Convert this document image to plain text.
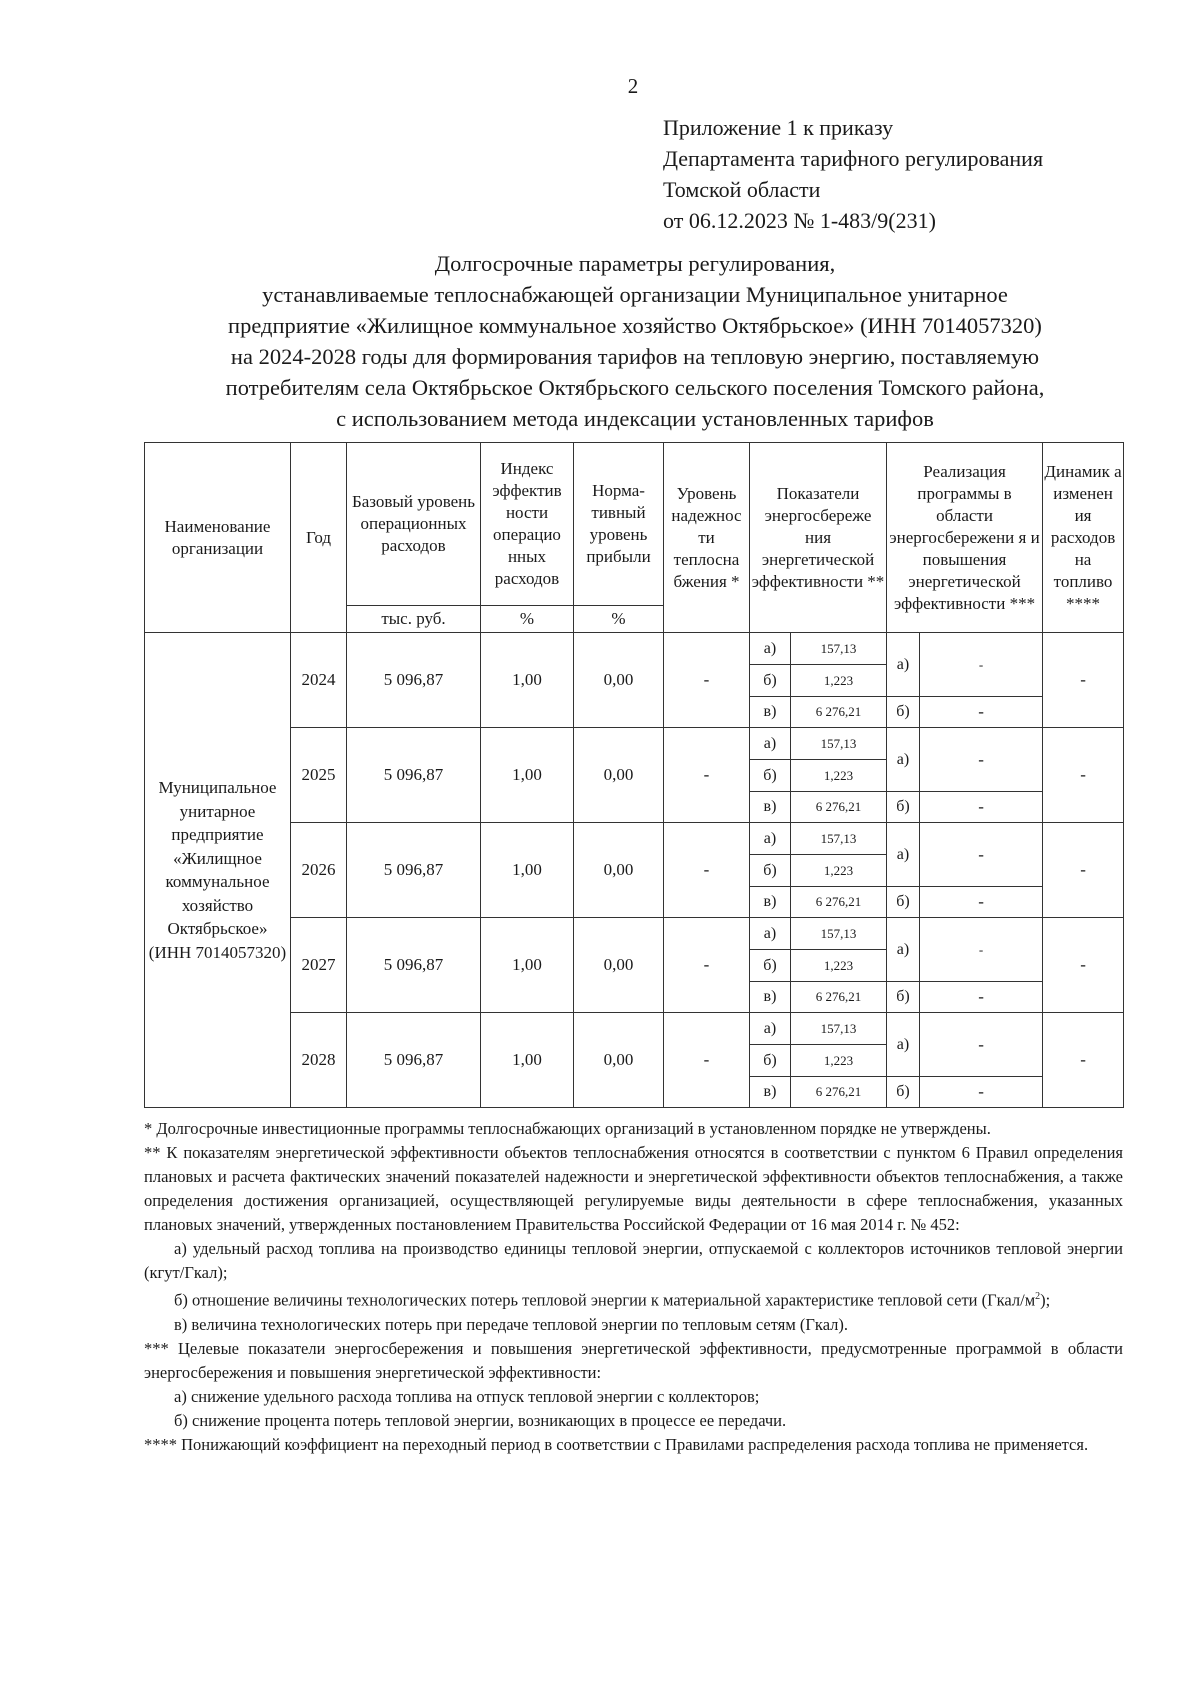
2
Приложение 1 к приказу
Департамента тарифного регулирования
Томской области
от 06.12.2023 № 1-483/9(231)
Долгосрочные параметры регулирования,
устанавливаемые теплоснабжающей организации Муниципальное унитарное
предприятие «Жилищное коммунальное хозяйство Октябрьское» (ИНН 7014057320)
на 2024-2028 годы для формирования тарифов на тепловую энергию, поставляемую
потребителям села Октябрьское Октябрьского сельского поселения Томского района,
с использованием метода индексации установленных тарифов
Наименование организации	Год	Базовый уровень операционных расходов	Индекс эффектив ности операцио нных расходов	Норма-тивный уровень прибыли	Уровень надежнос ти теплосна бжения *	Показатели энергосбереже ния энергетической эффективности **		Реализация программы в области энергосбережени я и повышения энергетической эффективности ***		Динамик а изменен ия расходов на топливо ****

		тыс. руб.	%	%						
Муниципальное унитарное предприятие «Жилищное коммунальное хозяйство Октябрьское» (ИНН 7014057320)	2024	5 096,87	1,00	0,00	-	а)	157,13	а)	-	-
						б)	1,223			
						в)	6 276,21	б)	-	
	2025	5 096,87	1,00	0,00	-	а)	157,13	а)	-	-
						б)	1,223			
						в)	6 276,21	б)	-	
	2026	5 096,87	1,00	0,00	-	а)	157,13	а)	-	-
						б)	1,223			
						в)	6 276,21	б)	-	
	2027	5 096,87	1,00	0,00	-	а)	157,13	а)	-	-
						б)	1,223			
						в)	6 276,21	б)	-	
	2028	5 096,87	1,00	0,00	-	а)	157,13	а)	-	-
						б)	1,223			
						в)	6 276,21	б)	-	

* Долгосрочные инвестиционные программы теплоснабжающих организаций в установленном порядке не утверждены.

** К показателям энергетической эффективности объектов теплоснабжения относятся в соответствии с пунктом 6 Правил определения плановых и расчета фактических значений показателей надежности и энергетической эффективности объектов теплоснабжения, а также определения достижения организацией, осуществляющей регулируемые виды деятельности в сфере теплоснабжения, указанных плановых значений, утвержденных постановлением Правительства Российской Федерации от 16 мая 2014 г. № 452:

а) удельный расход топлива на производство единицы тепловой энергии, отпускаемой с коллекторов источников тепловой энергии (кгут/Гкал);

б) отношение величины технологических потерь тепловой энергии к материальной характеристике тепловой сети $(Гкал/м^2)$;

в) величина технологических потерь при передаче тепловой энергии по тепловым сетям (Гкал).

*** Целевые показатели энергосбережения и повышения энергетической эффективности, предусмотренные программой в области энергосбережения и повышения энергетической эффективности:

а) снижение удельного расхода топлива на отпуск тепловой энергии с коллекторов;

б) снижение процента потерь тепловой энергии, возникающих в процессе ее передачи.

**** Понижающий коэффициент на переходный период в соответствии с Правилами распределения расхода топлива не применяется.
